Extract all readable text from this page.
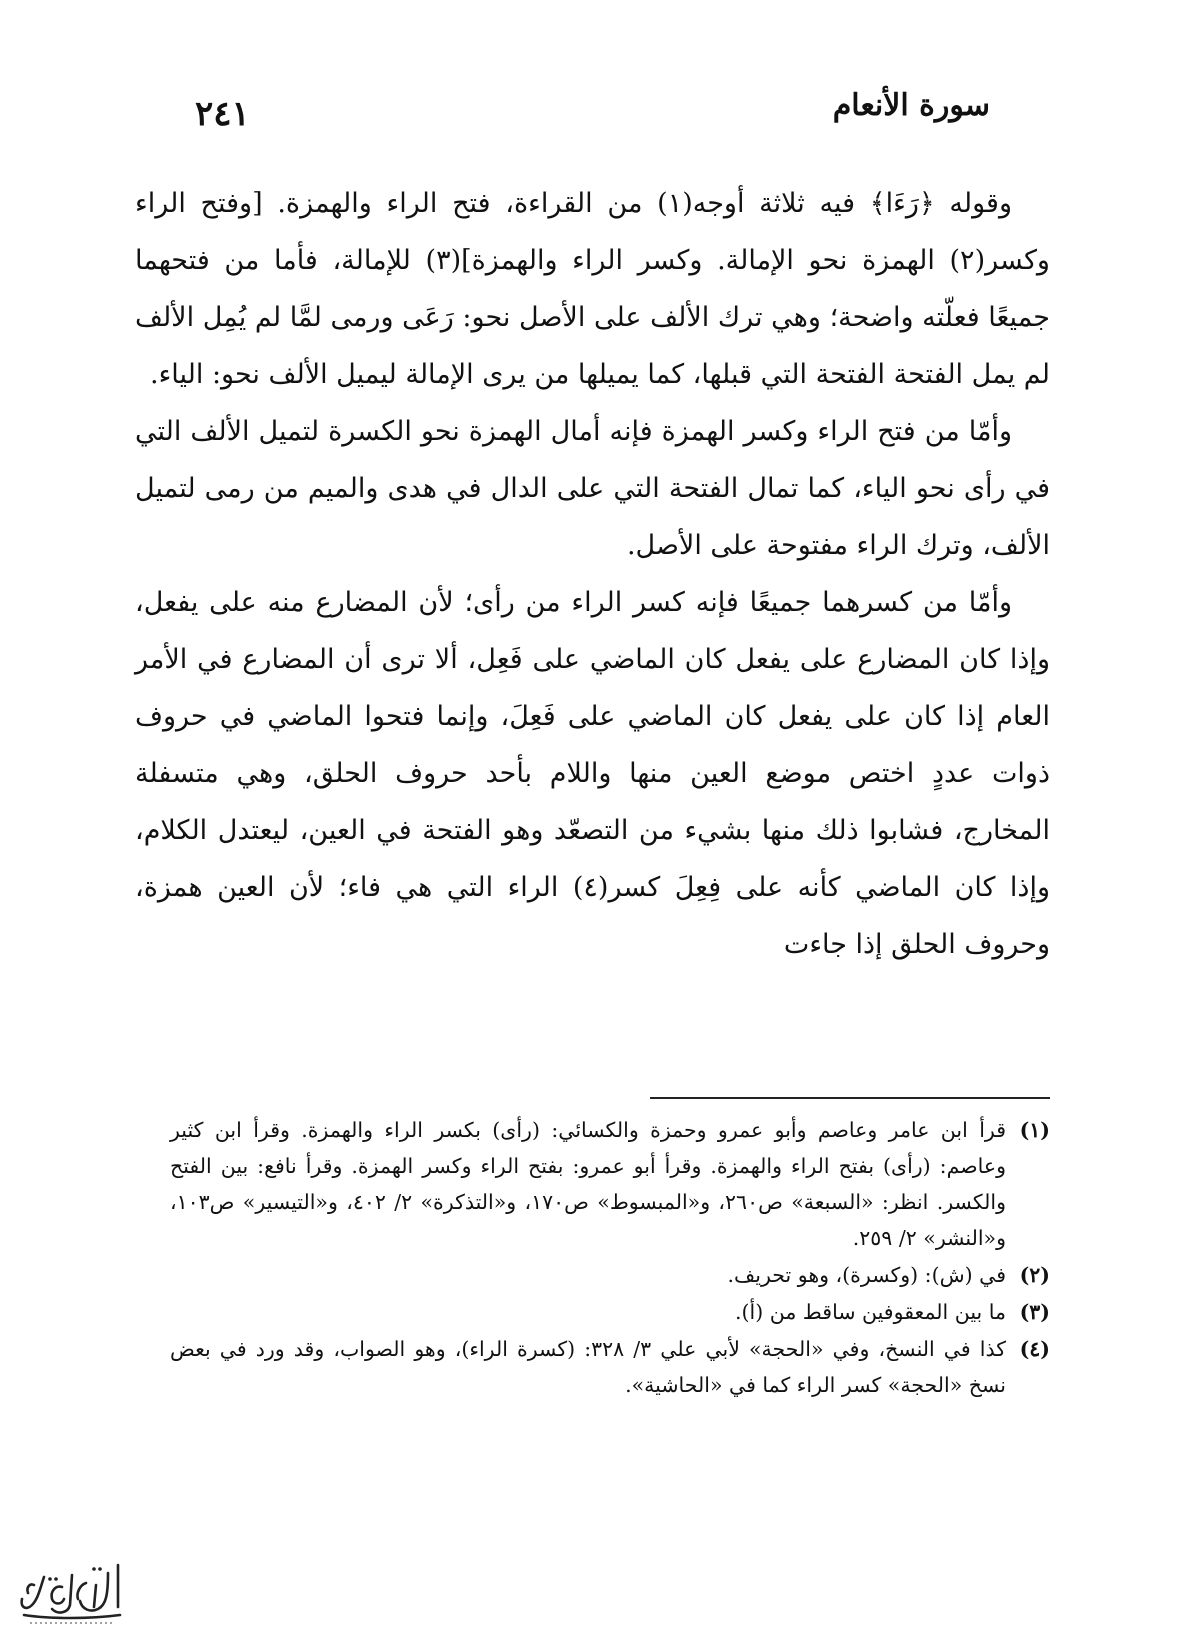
سورة الأنعام
٢٤١

وقوله ﴿رَءَا﴾ فيه ثلاثة أوجه(١) من القراءة، فتح الراء والهمزة. [وفتح الراء وكسر(٢) الهمزة نحو الإمالة. وكسر الراء والهمزة](٣) للإمالة، فأما من فتحهما جميعًا فعلّته واضحة؛ وهي ترك الألف على الأصل نحو: رَعَى ورمى لمَّا لم يُمِل الألف لم يمل الفتحة الفتحة التي قبلها، كما يميلها من يرى الإمالة ليميل الألف نحو: الياء.

وأمّا من فتح الراء وكسر الهمزة فإنه أمال الهمزة نحو الكسرة لتميل الألف التي في رأى نحو الياء، كما تمال الفتحة التي على الدال في هدى والميم من رمى لتميل الألف، وترك الراء مفتوحة على الأصل.

وأمّا من كسرهما جميعًا فإنه كسر الراء من رأى؛ لأن المضارع منه على يفعل، وإذا كان المضارع على يفعل كان الماضي على فَعِل، ألا ترى أن المضارع في الأمر العام إذا كان على يفعل كان الماضي على فَعِلَ، وإنما فتحوا الماضي في حروف ذوات عددٍ اختص موضع العين منها واللام بأحد حروف الحلق، وهي متسفلة المخارج، فشابوا ذلك منها بشيء من التصعّد وهو الفتحة في العين، ليعتدل الكلام، وإذا كان الماضي كأنه على فِعِلَ كسر(٤) الراء التي هي فاء؛ لأن العين همزة، وحروف الحلق إذا جاءت

(١)
قرأ ابن عامر وعاصم وأبو عمرو وحمزة والكسائي: (رأى) بكسر الراء والهمزة. وقرأ ابن كثير وعاصم: (رأى) بفتح الراء والهمزة. وقرأ أبو عمرو: بفتح الراء وكسر الهمزة. وقرأ نافع: بين الفتح والكسر. انظر: «السبعة» ص٢٦٠، و«المبسوط» ص١٧٠، و«التذكرة» ٢/ ٤٠٢، و«التيسير» ص١٠٣، و«النشر» ٢/ ٢٥٩.
(٢)
في (ش): (وكسرة)، وهو تحريف.
(٣)
ما بين المعقوفين ساقط من (أ).
(٤)
كذا في النسخ، وفي «الحجة» لأبي علي ٣/ ٣٢٨: (كسرة الراء)، وهو الصواب، وقد ورد في بعض نسخ «الحجة» كسر الراء كما في «الحاشية».
